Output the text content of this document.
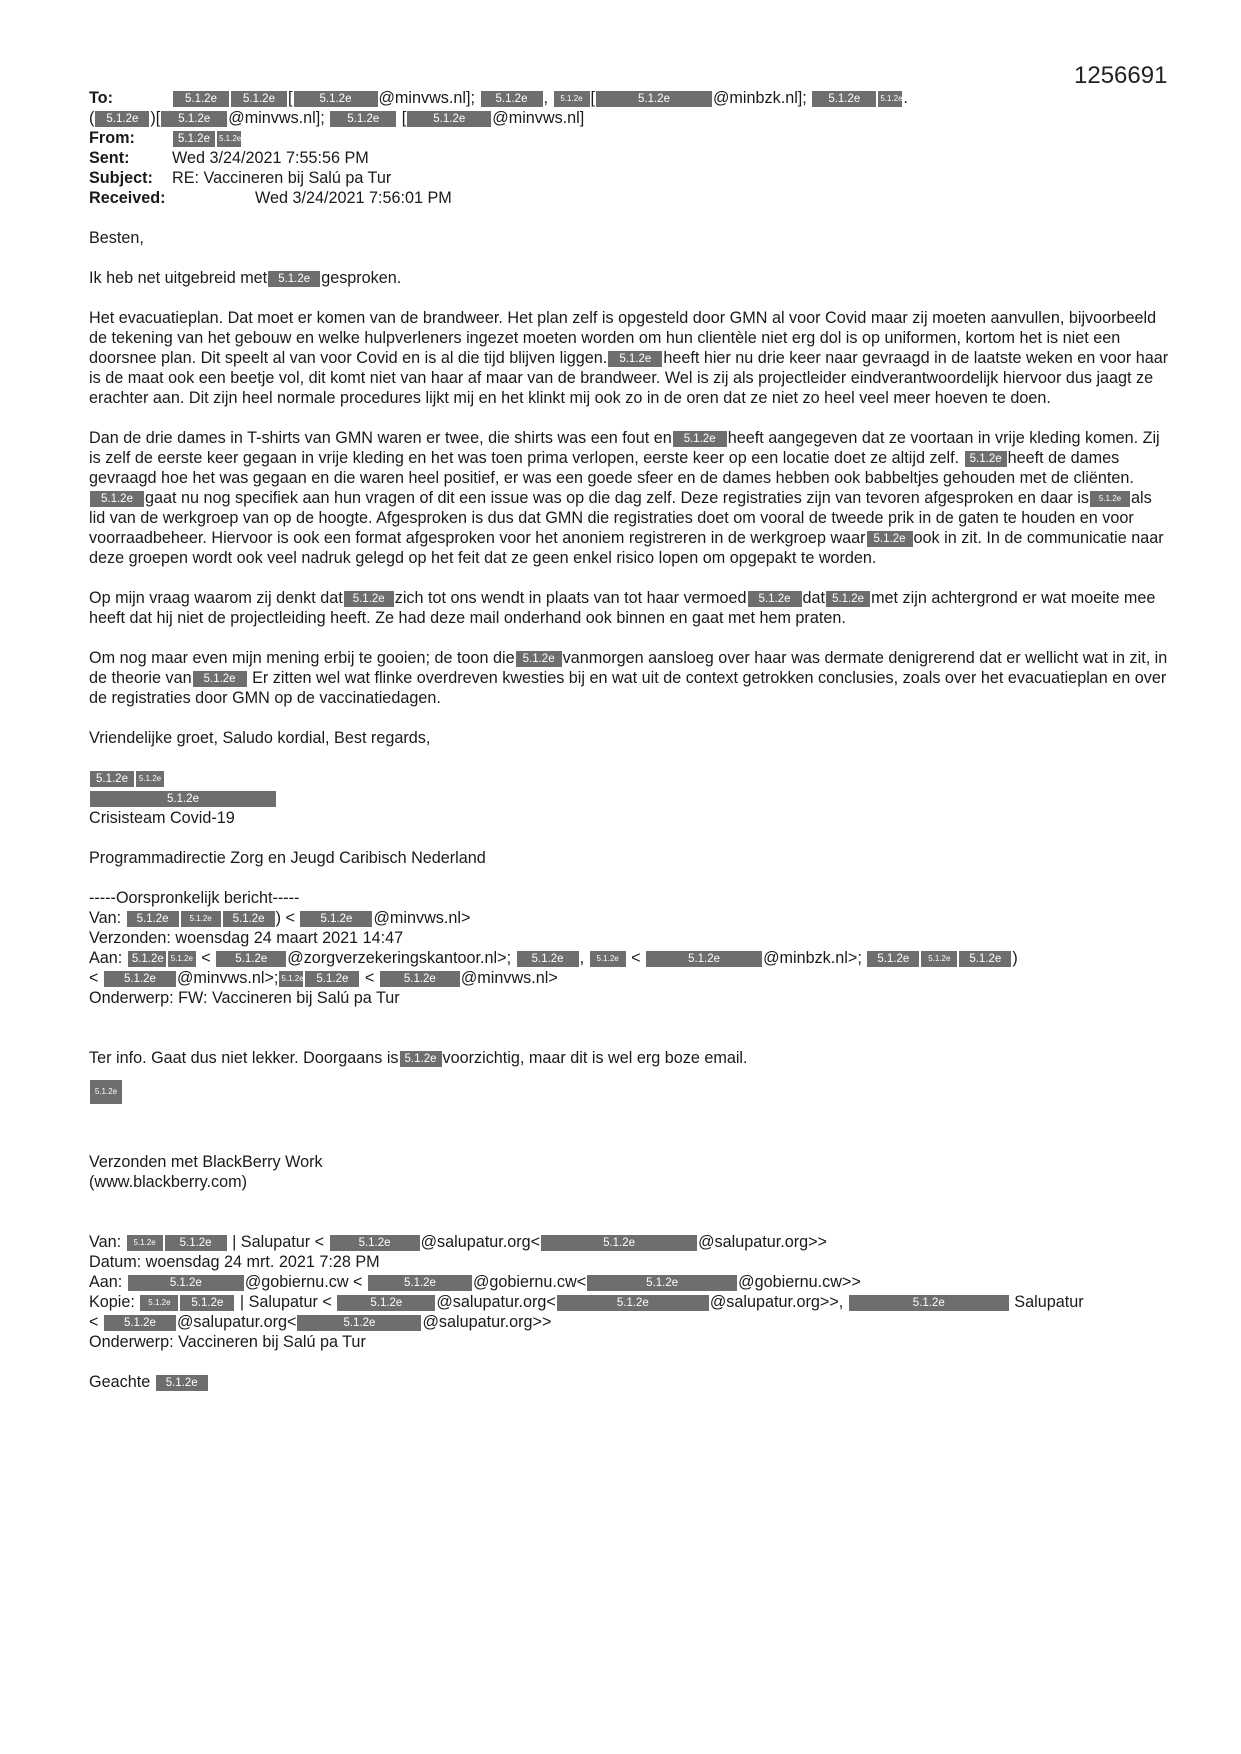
1256691
To:	5.1.2e 5.1.2e [ 5.1.2e @minvws.nl]; 5.1.2e , 5.1.2e [	5.1.2e	@minbzk.nl]; 5.1.2e	5.1.2e.
( 5.1.2e )[ 5.1.2e @minvws.nl]; 5.1.2e [ 5.1.2e @minvws.nl]
From:	5.1.2e 5.1.2e
Sent:	Wed 3/24/2021 7:55:56 PM
Subject:	RE: Vaccineren bij Salú pa Tur
Received:	Wed 3/24/2021 7:56:01 PM

Besten,

Ik heb net uitgebreid met 5.1.2e gesproken.

Het evacuatieplan. Dat moet er komen van de brandweer. Het plan zelf is opgesteld door GMN al voor Covid maar zij moeten aanvullen, bijvoorbeeld de tekening van het gebouw en welke hulpverleners ingezet moeten worden om hun clientèle niet erg dol is op uniformen, kortom het is niet een doorsnee plan. Dit speelt al van voor Covid en is al die tijd blijven liggen. 5.1.2e heeft hier nu drie keer naar gevraagd in de laatste weken en voor haar is de maat ook een beetje vol, dit komt niet van haar af maar van de brandweer. Wel is zij als projectleider eindverantwoordelijk hiervoor dus jaagt ze erachter aan. Dit zijn heel normale procedures lijkt mij en het klinkt mij ook zo in de oren dat ze niet zo heel veel meer hoeven te doen.

Dan de drie dames in T-shirts van GMN waren er twee, die shirts was een fout en 5.1.2e heeft aangegeven dat ze voortaan in vrije kleding komen. Zij is zelf de eerste keer gegaan in vrije kleding en het was toen prima verlopen, eerste keer op een locatie doet ze altijd zelf. 5.1.2e heeft de dames gevraagd hoe het was gegaan en die waren heel positief, er was een goede sfeer en de dames hebben ook babbeltjes gehouden met de cliënten.5.1.2e gaat nu nog specifiek aan hun vragen of dit een issue was op die dag zelf. Deze registraties zijn van tevoren afgesproken en daar is 5.1.2e als lid van de werkgroep van op de hoogte. Afgesproken is dus dat GMN die registraties doet om vooral de tweede prik in de gaten te houden en voor voorraadbeheer. Hiervoor is ook een format afgesproken voor het anoniem registreren in de werkgroep waar 5.1.2e ook in zit. In de communicatie naar deze groepen wordt ook veel nadruk gelegd op het feit dat ze geen enkel risico lopen om opgepakt te worden.

Op mijn vraag waarom zij denkt dat 5.1.2e zich tot ons wendt in plaats van tot haar vermoed 5.1.2e dat 5.1.2e met zijn achtergrond er wat moeite mee heeft dat hij niet de projectleiding heeft. Ze had deze mail onderhand ook binnen en gaat met hem praten.

Om nog maar even mijn mening erbij te gooien; de toon die 5.1.2e vanmorgen aansloeg over haar was dermate denigrerend dat er wellicht wat in zit, in de theorie van 5.1.2e Er zitten wel wat flinke overdreven kwesties bij en wat uit de context getrokken conclusies, zoals over het evacuatieplan en over de registraties door GMN op de vaccinatiedagen.

Vriendelijke groet, Saludo kordial, Best regards,

5.1.2e 5.1.2e
5.1.2e
Crisisteam Covid-19
Programmadirectie Zorg en Jeugd Caribisch Nederland
-----Oorspronkelijk bericht-----
Van: 5.1.2e	5.1.2e 5.1.2e ) < 5.1.2e @minvws.nl>
Verzonden: woensdag 24 maart 2021 14:47
Aan: 5.1.2e 5.1.2e < 5.1.2e @zorgverzekeringskantoor.nl>; 5.1.2e , 5.1.2e <	5.1.2e	@minbzk.nl>; 5.1.2e 5.1.2e 5.1.2e )
< 5.1.2e @minvws.nl>; 5.1.2e 5.1.2e < 5.1.2e @minvws.nl>
Onderwerp: FW: Vaccineren bij Salú pa Tur
Ter info. Gaat dus niet lekker. Doorgaans is 5.1.2e voorzichtig, maar dit is wel erg boze email.
5.1.2e
Verzonden met BlackBerry Work
(www.blackberry.com)
Van: 5.1.2e 5.1.2e | Salupatur <	5.1.2e @salupatur.org<	5.1.2e	@salupatur.org>>
Datum: woensdag 24 mrt. 2021 7:28 PM
Aan:	5.1.2e	@gobiernu.cw <	5.1.2e @gobiernu.cw<	5.1.2e	@gobiernu.cw>>
Kopie: 5.1.2e 5.1.2e | Salupatur <	5.1.2e @salupatur.org<	5.1.2e	@salupatur.org>>,	5.1.2e	Salupatur
< 5.1.2e @salupatur.org<	5.1.2e	@salupatur.org>>
Onderwerp: Vaccineren bij Salú pa Tur
Geachte 5.1.2e
